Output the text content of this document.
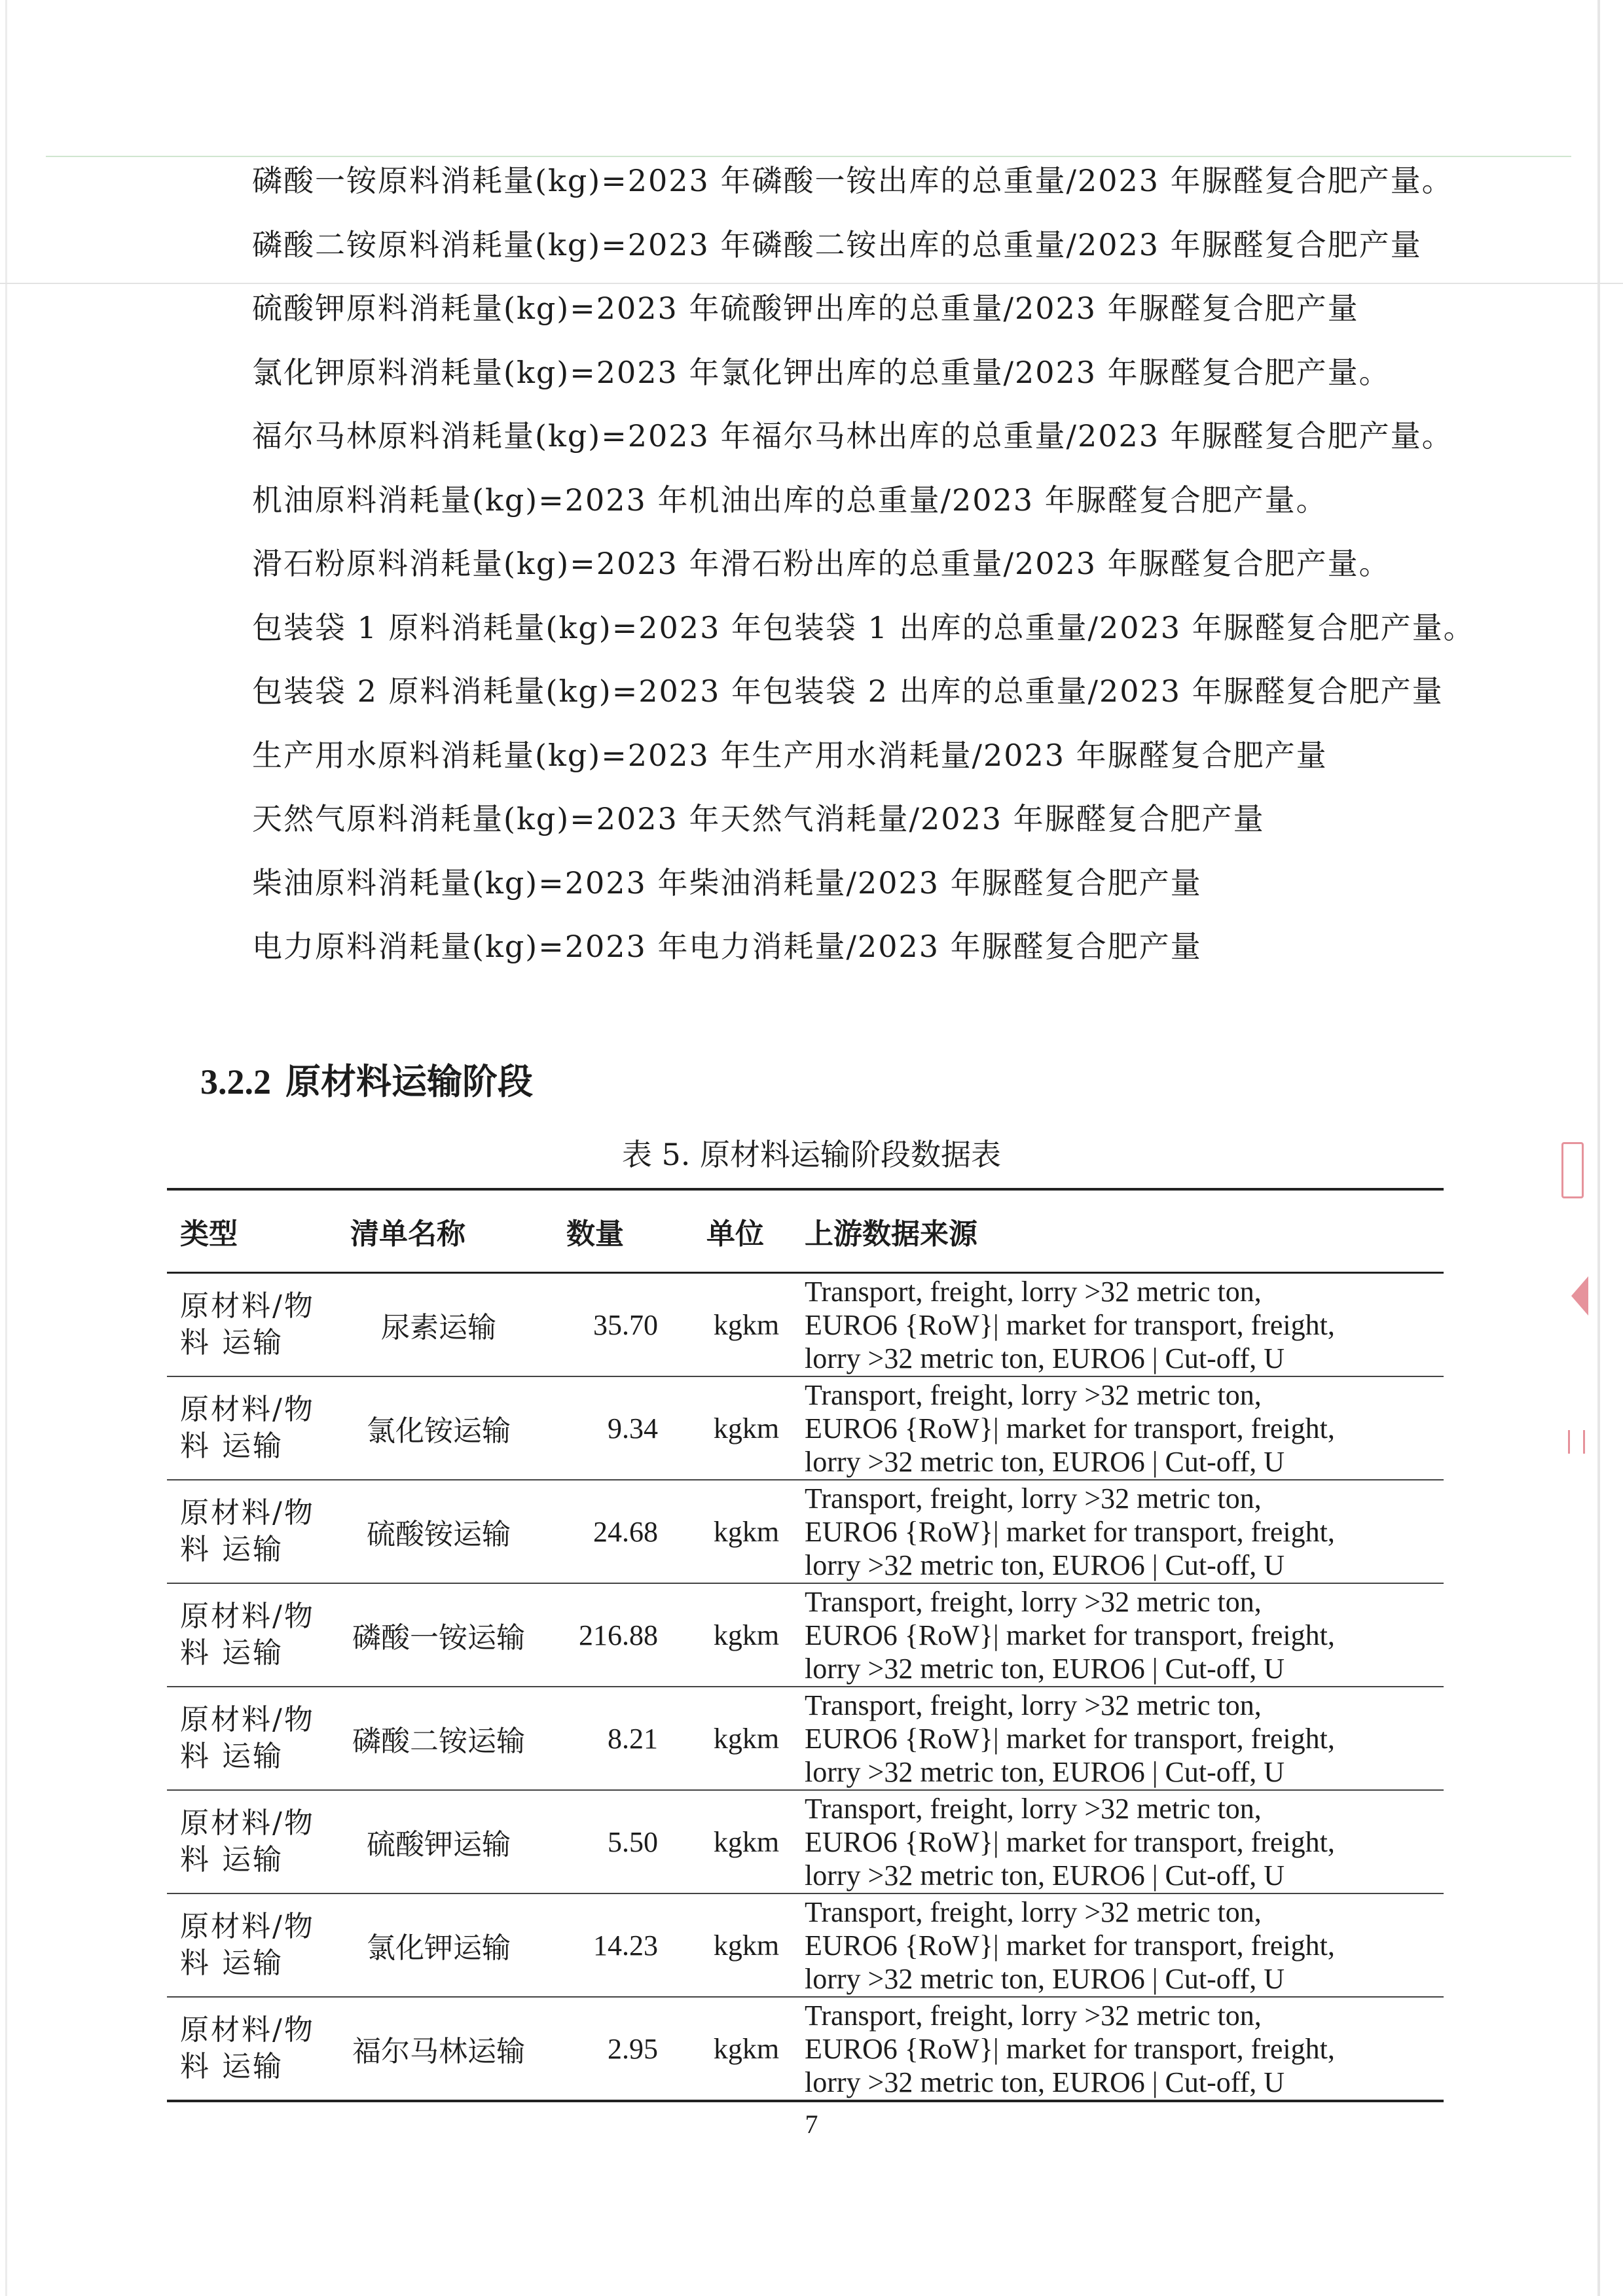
磷酸一铵原料消耗量(kg)=2023 年磷酸一铵出库的总重量/2023 年脲醛复合肥产量。
磷酸二铵原料消耗量(kg)=2023 年磷酸二铵出库的总重量/2023 年脲醛复合肥产量
硫酸钾原料消耗量(kg)=2023 年硫酸钾出库的总重量/2023 年脲醛复合肥产量
氯化钾原料消耗量(kg)=2023 年氯化钾出库的总重量/2023 年脲醛复合肥产量。
福尔马林原料消耗量(kg)=2023 年福尔马林出库的总重量/2023 年脲醛复合肥产量。
机油原料消耗量(kg)=2023 年机油出库的总重量/2023 年脲醛复合肥产量。
滑石粉原料消耗量(kg)=2023 年滑石粉出库的总重量/2023 年脲醛复合肥产量。
包装袋 1 原料消耗量(kg)=2023 年包装袋 1 出库的总重量/2023 年脲醛复合肥产量。
包装袋 2 原料消耗量(kg)=2023 年包装袋 2 出库的总重量/2023 年脲醛复合肥产量
生产用水原料消耗量(kg)=2023 年生产用水消耗量/2023 年脲醛复合肥产量
天然气原料消耗量(kg)=2023 年天然气消耗量/2023 年脲醛复合肥产量
柴油原料消耗量(kg)=2023 年柴油消耗量/2023 年脲醛复合肥产量
电力原料消耗量(kg)=2023 年电力消耗量/2023 年脲醛复合肥产量
3.2.2 原材料运输阶段
表 5. 原材料运输阶段数据表
类型	清单名称	数量	单位	上游数据来源

原材料/物
料 运输	尿素运输	35.70	kgkm	Transport, freight, lorry >32 metric ton,
EURO6 {RoW}| market for transport, freight,
lorry >32 metric ton, EURO6 | Cut-off, U

原材料/物
料 运输	氯化铵运输	9.34	kgkm	Transport, freight, lorry >32 metric ton,
EURO6 {RoW}| market for transport, freight,
lorry >32 metric ton, EURO6 | Cut-off, U

原材料/物
料 运输	硫酸铵运输	24.68	kgkm	Transport, freight, lorry >32 metric ton,
EURO6 {RoW}| market for transport, freight,
lorry >32 metric ton, EURO6 | Cut-off, U

原材料/物
料 运输	磷酸一铵运输	216.88	kgkm	Transport, freight, lorry >32 metric ton,
EURO6 {RoW}| market for transport, freight,
lorry >32 metric ton, EURO6 | Cut-off, U

原材料/物
料 运输	磷酸二铵运输	8.21	kgkm	Transport, freight, lorry >32 metric ton,
EURO6 {RoW}| market for transport, freight,
lorry >32 metric ton, EURO6 | Cut-off, U

原材料/物
料 运输	硫酸钾运输	5.50	kgkm	Transport, freight, lorry >32 metric ton,
EURO6 {RoW}| market for transport, freight,
lorry >32 metric ton, EURO6 | Cut-off, U

原材料/物
料 运输	氯化钾运输	14.23	kgkm	Transport, freight, lorry >32 metric ton,
EURO6 {RoW}| market for transport, freight,
lorry >32 metric ton, EURO6 | Cut-off, U

原材料/物
料 运输	福尔马林运输	2.95	kgkm	Transport, freight, lorry >32 metric ton,
EURO6 {RoW}| market for transport, freight,
lorry >32 metric ton, EURO6 | Cut-off, U
7
